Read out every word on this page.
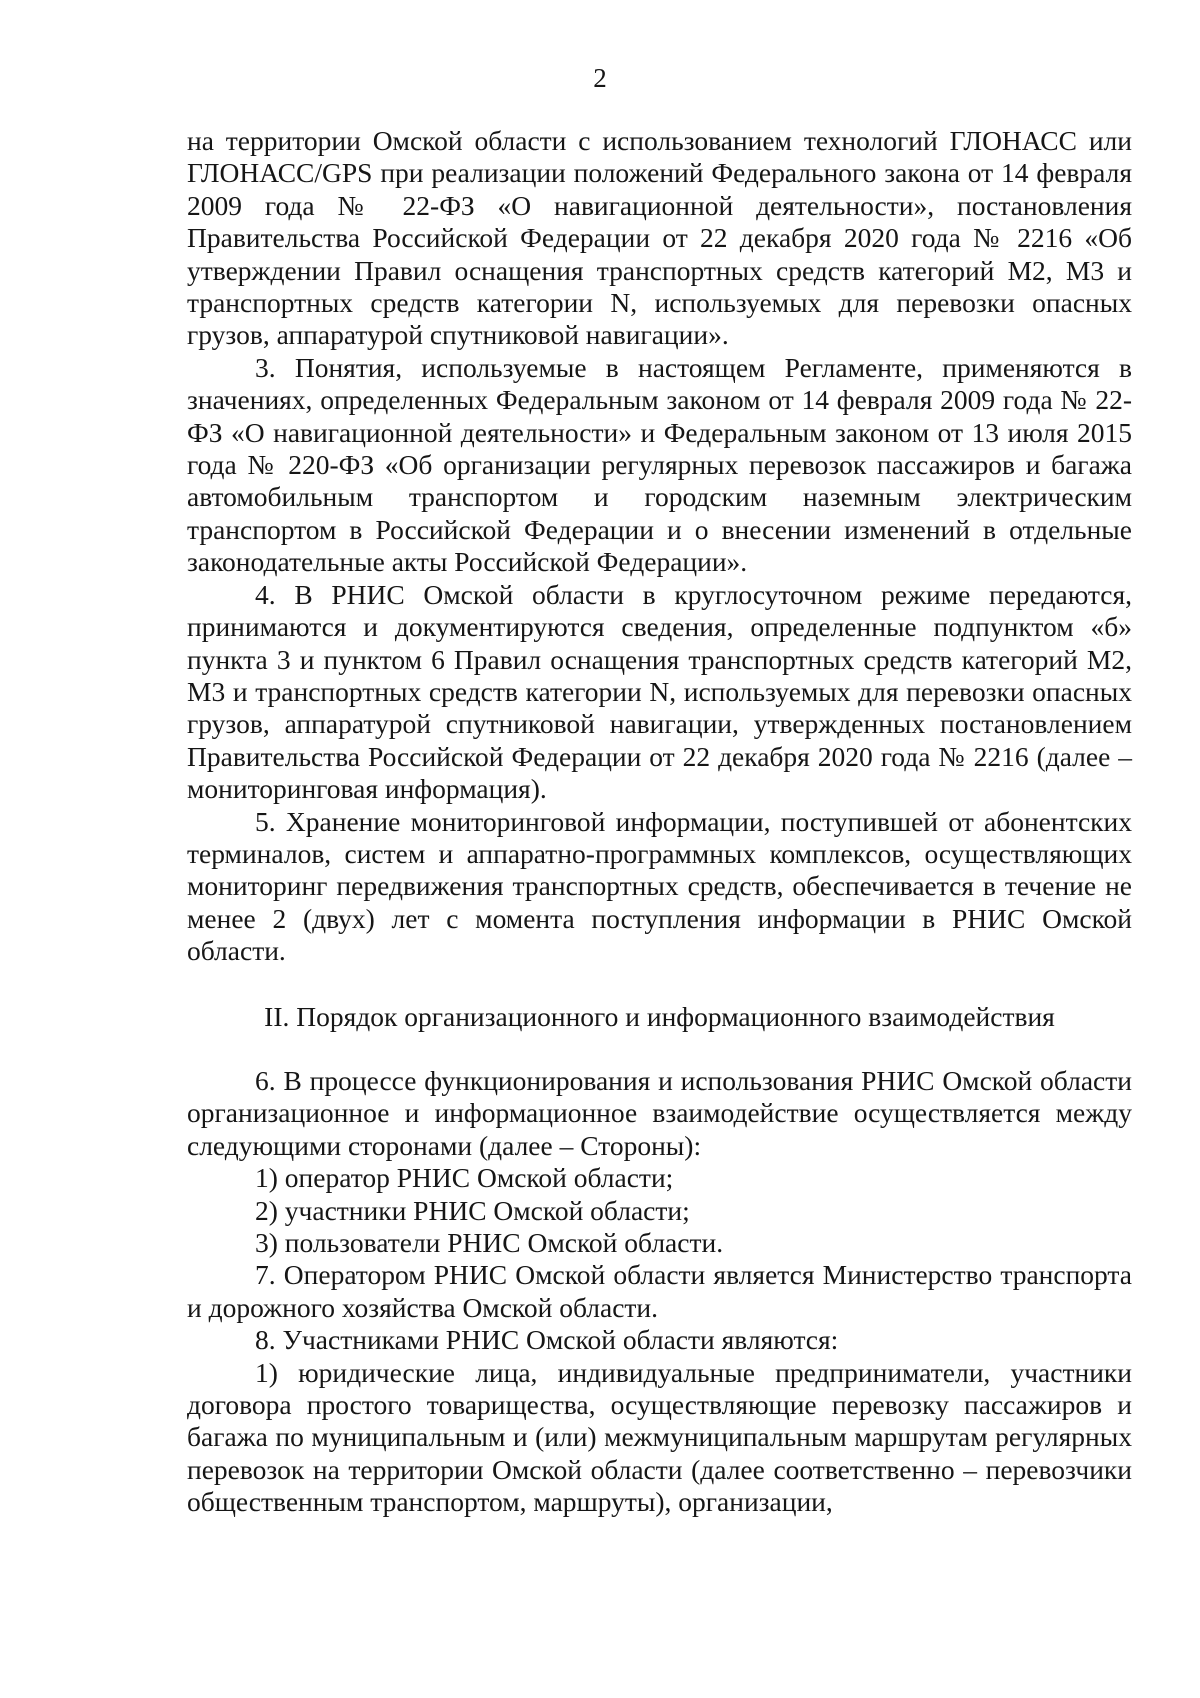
2

на территории Омской области с использованием технологий ГЛОНАСС или ГЛОНАСС/GPS при реализации положений Федерального закона от 14 февраля 2009 года № 22-ФЗ «О навигационной деятельности», постановления Правительства Российской Федерации от 22 декабря 2020 года № 2216 «Об утверждении Правил оснащения транспортных средств категорий М2, М3 и транспортных средств категории N, используемых для перевозки опасных грузов, аппаратурой спутниковой навигации».

3. Понятия, используемые в настоящем Регламенте, применяются в значениях, определенных Федеральным законом от 14 февраля 2009 года № 22-ФЗ «О навигационной деятельности» и Федеральным законом от 13 июля 2015 года № 220-ФЗ «Об организации регулярных перевозок пассажиров и багажа автомобильным транспортом и городским наземным электрическим транспортом в Российской Федерации и о внесении изменений в отдельные законодательные акты Российской Федерации».

4. В РНИС Омской области в круглосуточном режиме передаются, принимаются и документируются сведения, определенные подпунктом «б» пункта 3 и пунктом 6 Правил оснащения транспортных средств категорий М2, М3 и транспортных средств категории N, используемых для перевозки опасных грузов, аппаратурой спутниковой навигации, утвержденных постановлением Правительства Российской Федерации от 22 декабря 2020 года № 2216 (далее – мониторинговая информация).

5. Хранение мониторинговой информации, поступившей от абонентских терминалов, систем и аппаратно-программных комплексов, осуществляющих мониторинг передвижения транспортных средств, обеспечивается в течение не менее 2 (двух) лет с момента поступления информации в РНИС Омской области.

II. Порядок организационного и информационного взаимодействия

6. В процессе функционирования и использования РНИС Омской области организационное и информационное взаимодействие осуществляется между следующими сторонами (далее – Стороны):

1) оператор РНИС Омской области;

2) участники РНИС Омской области;

3) пользователи РНИС Омской области.

7. Оператором РНИС Омской области является Министерство транспорта и дорожного хозяйства Омской области.

8. Участниками РНИС Омской области являются:

1) юридические лица, индивидуальные предприниматели, участники договора простого товарищества, осуществляющие перевозку пассажиров и багажа по муниципальным и (или) межмуниципальным маршрутам регулярных перевозок на территории Омской области (далее соответственно – перевозчики общественным транспортом, маршруты), организации,
